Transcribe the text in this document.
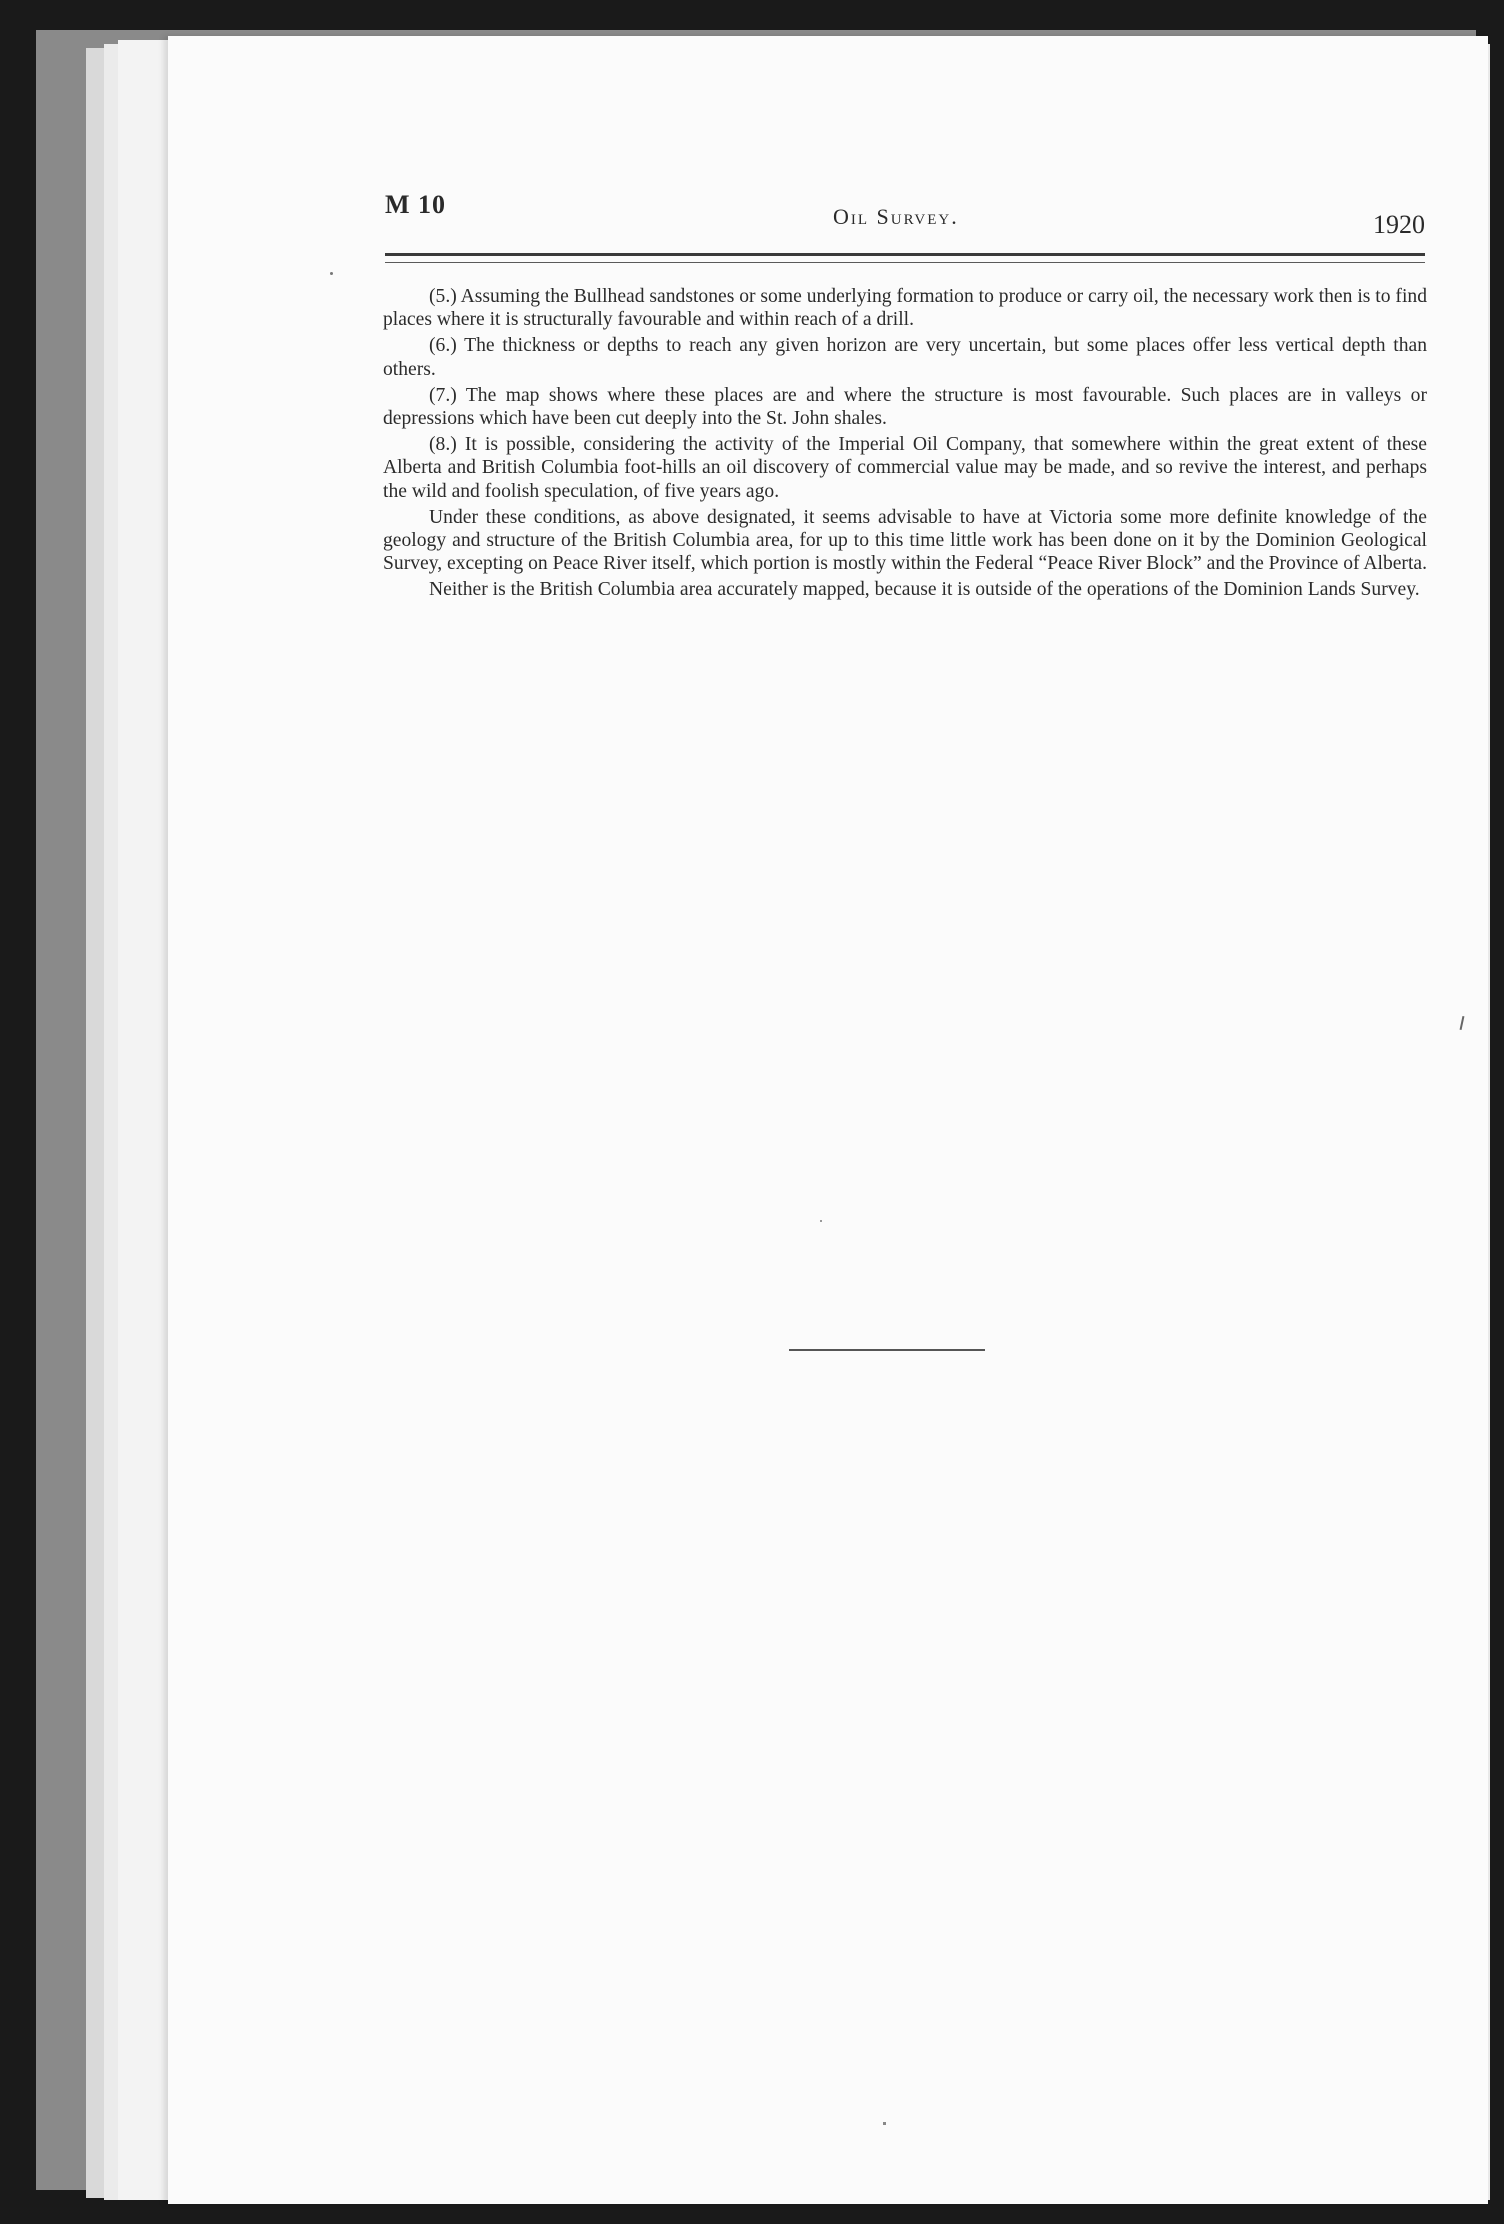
M 10	Oil Survey.	1920

(5.) Assuming the Bullhead sandstones or some underlying formation to produce or carry oil, the necessary work then is to find places where it is structurally favourable and within reach of a drill.

(6.) The thickness or depths to reach any given horizon are very uncertain, but some places offer less vertical depth than others.

(7.) The map shows where these places are and where the structure is most favourable. Such places are in valleys or depressions which have been cut deeply into the St. John shales.

(8.) It is possible, considering the activity of the Imperial Oil Company, that somewhere within the great extent of these Alberta and British Columbia foot-hills an oil discovery of commercial value may be made, and so revive the interest, and perhaps the wild and foolish speculation, of five years ago.

Under these conditions, as above designated, it seems advisable to have at Victoria some more definite knowledge of the geology and structure of the British Columbia area, for up to this time little work has been done on it by the Dominion Geological Survey, excepting on Peace River itself, which portion is mostly within the Federal “Peace River Block” and the Province of Alberta.

Neither is the British Columbia area accurately mapped, because it is outside of the operations of the Dominion Lands Survey.
